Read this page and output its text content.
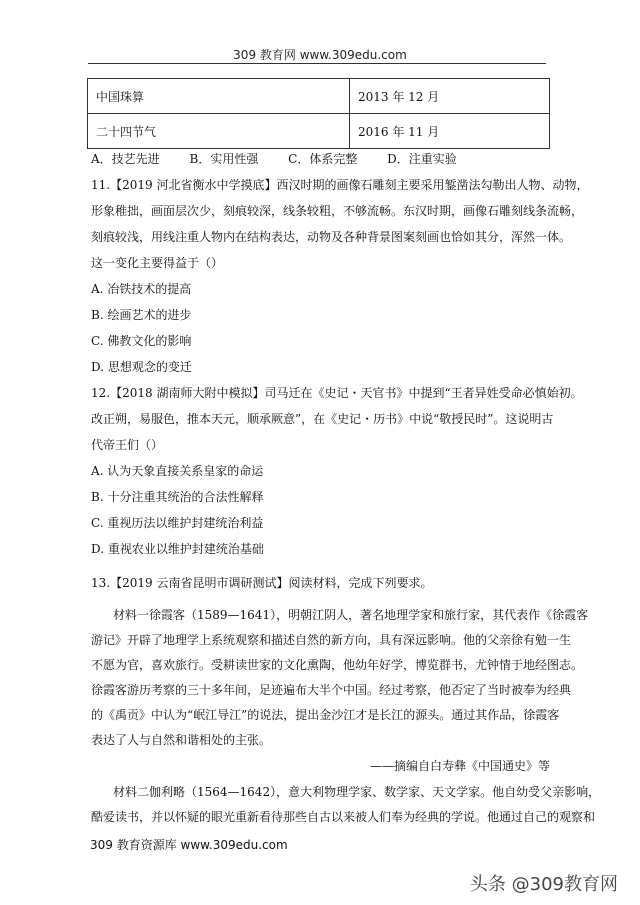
309 教育网 www.309edu.com
中国珠算	2013 年 12 月
二十四节气	2016 年 11 月
A．技艺先进 B．实用性强 C．体系完整 D．注重实验
11.【2019 河北省衡水中学摸底】西汉时期的画像石雕刻主要采用錾凿法勾勒出人物、动物，
形象稚拙，画面层次少，刻痕较深，线条较粗，不够流畅。东汉时期，画像石雕刻线条流畅，
刻痕较浅，用线注重人物内在结构表达，动物及各种背景图案刻画也恰如其分，浑然一体。
这一变化主要得益于（）
A. 冶铁技术的提高
B. 绘画艺术的进步
C. 佛教文化的影响
D. 思想观念的变迁
12.【2018 湖南师大附中模拟】司马迁在《史记・天官书》中提到“王者异姓受命必慎始初。
改正朔，易服色，推本天元，顺承厥意”，在《史记・历书》中说“敬授民时”。这说明古
代帝王们（）
A. 认为天象直接关系皇家的命运
B. 十分注重其统治的合法性解释
C. 重视历法以维护封建统治利益
D. 重视农业以维护封建统治基础
13.【2019 云南省昆明市调研测试】阅读材料，完成下列要求。
材料一徐霞客（1589—1641），明朝江阴人，著名地理学家和旅行家，其代表作《徐霞客
游记》开辟了地理学上系统观察和描述自然的新方向，具有深远影响。他的父亲徐有勉一生
不愿为官，喜欢旅行。受耕读世家的文化熏陶，他幼年好学，博览群书，尤钟情于地经图志。
徐霞客游历考察的三十多年间，足迹遍布大半个中国。经过考察，他否定了当时被奉为经典
的《禹贡》中认为“岷江导江”的说法，提出金沙江才是长江的源头。通过其作品，徐霞客
表达了人与自然和谐相处的主张。
——摘编自白寿彝《中国通史》等
材料二伽利略（1564—1642），意大利物理学家、数学家、天文学家。他自幼受父亲影响，
酷爱读书，并以怀疑的眼光重新看待那些自古以来被人们奉为经典的学说。他通过自己的观察和
309 教育资源库 www.309edu.com
头条 @309教育网
